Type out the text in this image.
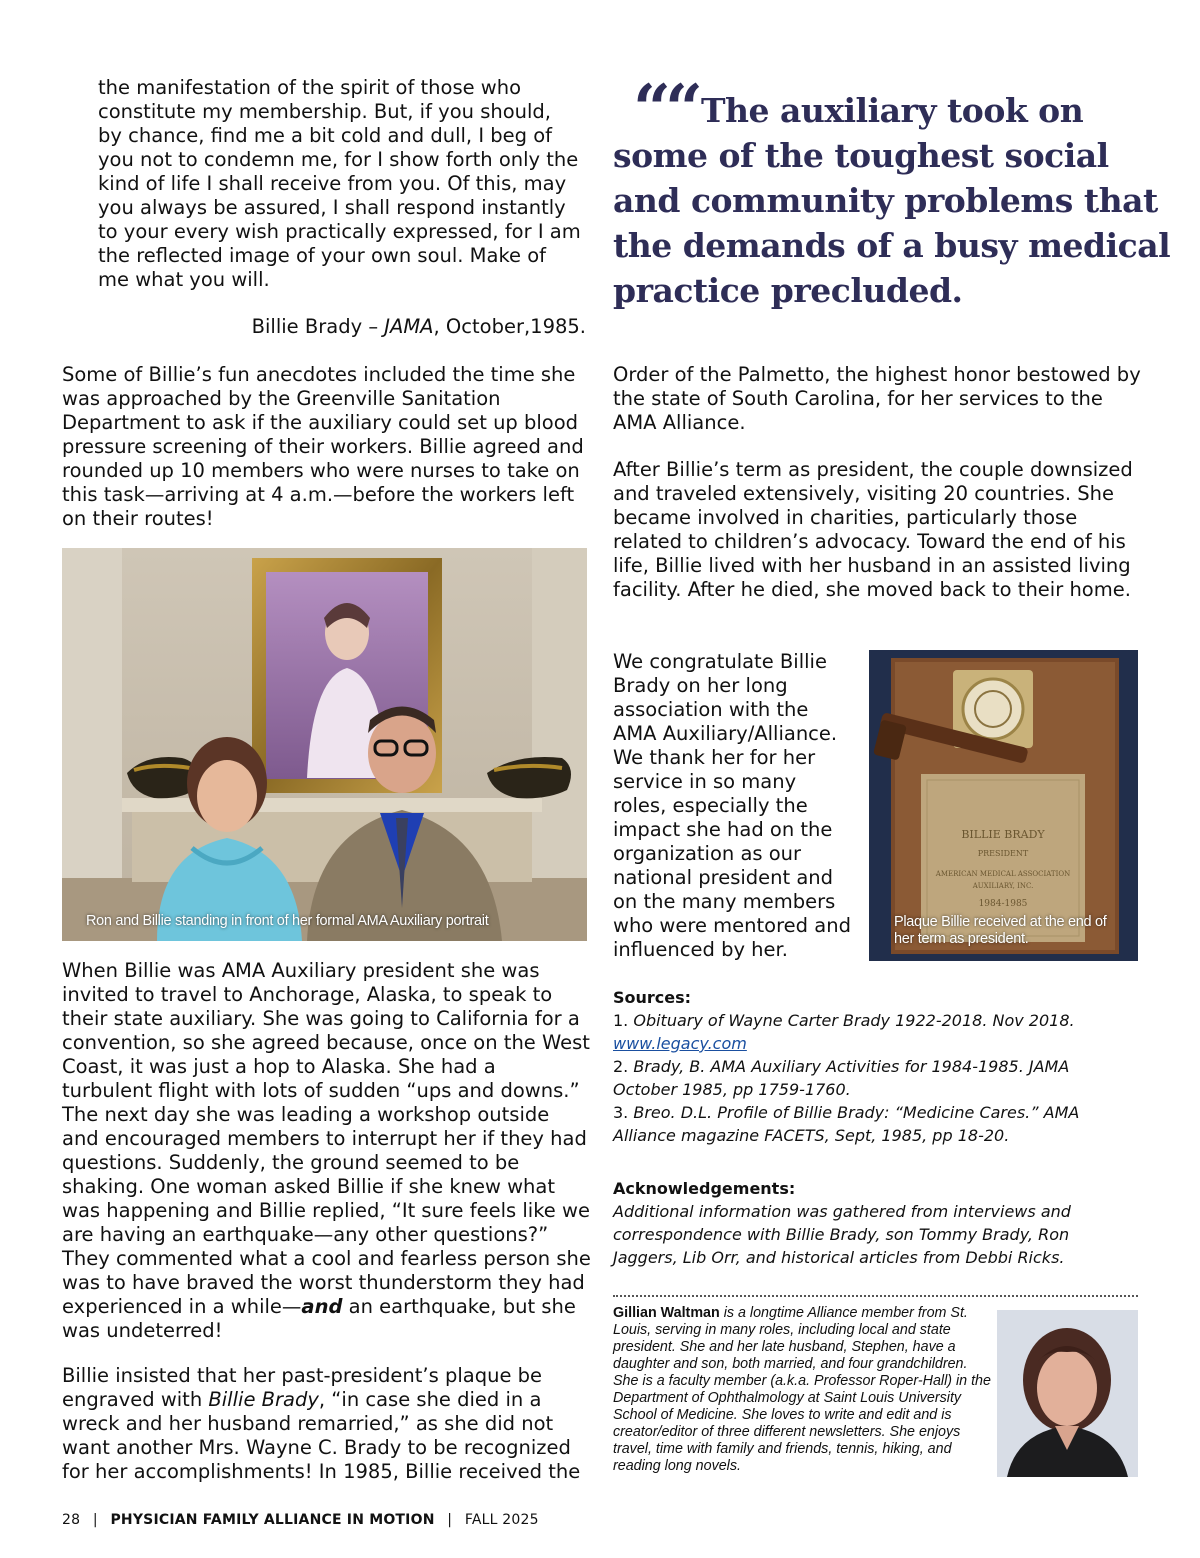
the manifestation of the spirit of those who

constitute my membership. But, if you should,

by chance, find me a bit cold and dull, I beg of

you not to condemn me, for I show forth only the

kind of life I shall receive from you. Of this, may

you always be assured, I shall respond instantly

to your every wish practically expressed, for I am

the reflected image of your own soul. Make of

me what you will.

Billie Brady – JAMA, October,1985.
““ The auxiliary took on some of the toughest social and community problems that the demands of a busy medical practice precluded.

Some of Billie’s fun anecdotes included the time she was approached by the Greenville Sanitation Department to ask if the auxiliary could set up blood pressure screening of their workers. Billie agreed and rounded up 10 members who were nurses to take on this task—arriving at 4 a.m.—before the workers left on their routes!

Ron and Billie standing in front of her formal AMA Auxiliary portrait

When Billie was AMA Auxiliary president she was invited to travel to Anchorage, Alaska, to speak to their state auxiliary. She was going to California for a convention, so she agreed because, once on the West Coast, it was just a hop to Alaska. She had a turbulent flight with lots of sudden “ups and downs.” The next day she was leading a workshop outside and encouraged members to interrupt her if they had questions. Suddenly, the ground seemed to be shaking. One woman asked Billie if she knew what was happening and Billie replied, “It sure feels like we are having an earthquake—any other questions?” They commented what a cool and fearless person she was to have braved the worst thunderstorm they had experienced in a while—and an earthquake, but she was undeterred!

Billie insisted that her past-president’s plaque be engraved with Billie Brady, “in case she died in a wreck and her husband remarried,” as she did not want another Mrs. Wayne C. Brady to be recognized for her accomplishments! In 1985, Billie received the

Order of the Palmetto, the highest honor bestowed by the state of South Carolina, for her services to the AMA Alliance.

After Billie’s term as president, the couple downsized and traveled extensively, visiting 20 countries. She became involved in charities, particularly those related to children’s advocacy. Toward the end of his life, Billie lived with her husband in an assisted living facility. After he died, she moved back to their home.

We congratulate Billie Brady on her long association with the AMA Auxiliary/Alliance. We thank her for her service in so many roles, especially the impact she had on the organization as our national president and on the many members who were mentored and influenced by her.

BILLIE BRADY
PRESIDENT
AMERICAN MEDICAL ASSOCIATION
AUXILIARY, INC.
1984-1985
Plaque Billie received at the end of her term as president.

Sources:

1. Obituary of Wayne Carter Brady 1922-2018. Nov 2018.
www.legacy.com

2. Brady, B. AMA Auxiliary Activities for 1984-1985. JAMA October 1985, pp 1759-1760.

3. Breo. D.L. Profile of Billie Brady: “Medicine Cares.” AMA Alliance magazine FACETS, Sept, 1985, pp 18-20.

Acknowledgements:

Additional information was gathered from interviews and correspondence with Billie Brady, son Tommy Brady, Ron Jaggers, Lib Orr, and historical articles from Debbi Ricks.

Gillian Waltman is a longtime Alliance member from St. Louis, serving in many roles, including local and state president. She and her late husband, Stephen, have a daughter and son, both married, and four grandchildren. She is a faculty member (a.k.a. Professor Roper-Hall) in the Department of Ophthalmology at Saint Louis University School of Medicine. She loves to write and edit and is creator/editor of three different newsletters. She enjoys travel, time with family and friends, tennis, hiking, and reading long novels.
28 | PHYSICIAN FAMILY ALLIANCE IN MOTION | FALL 2025
